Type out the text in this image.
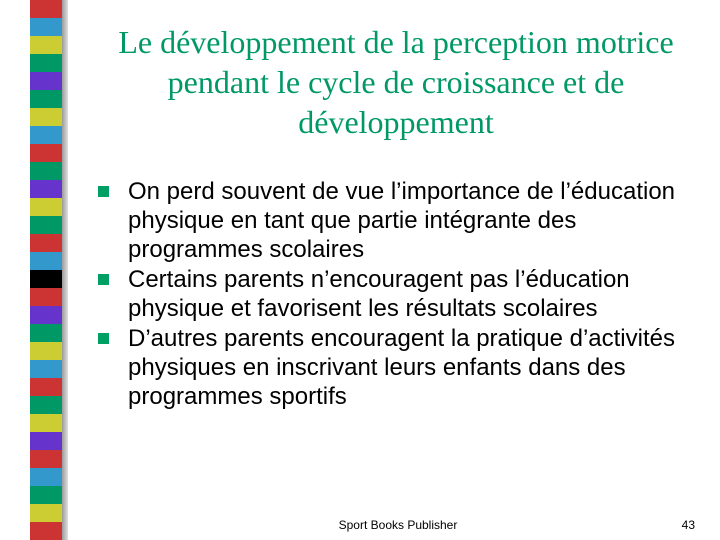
Le développement de la perception motrice pendant le cycle de croissance et de développement
On perd souvent de vue l’importance de l’éducation physique en tant que partie intégrante des programmes scolaires
Certains parents n’encouragent pas l’éducation physique et favorisent les résultats scolaires
D’autres parents encouragent la pratique d’activités physiques en inscrivant leurs enfants dans des programmes sportifs
Sport Books Publisher	43
